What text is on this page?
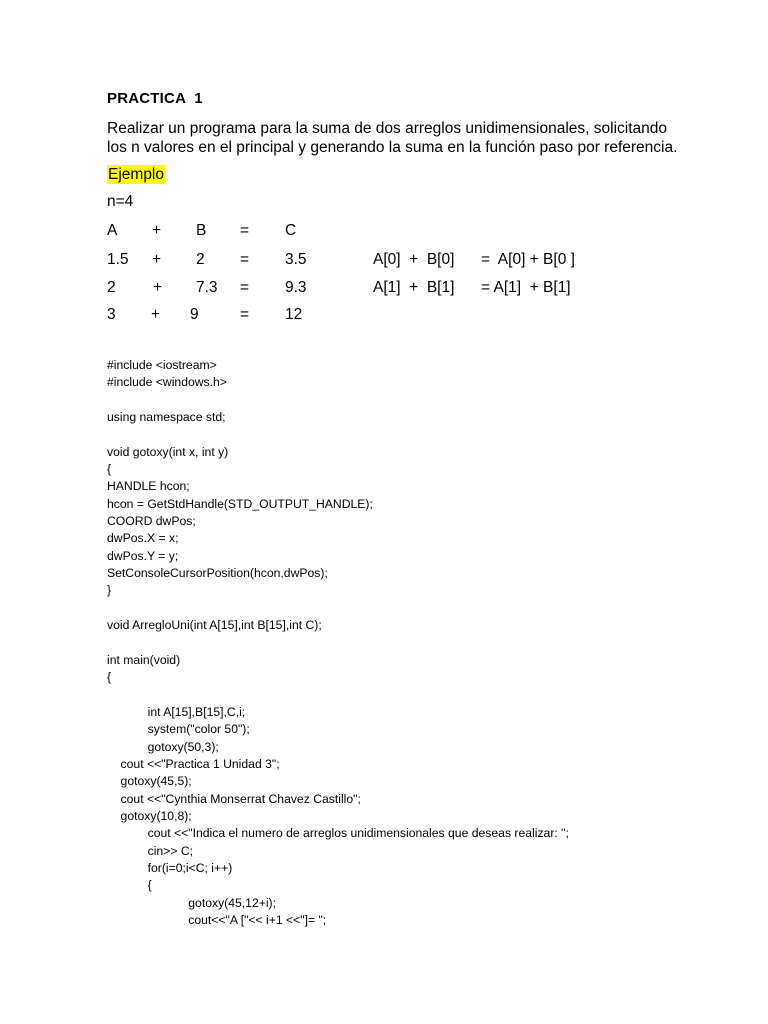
PRACTICA  1
Realizar un programa para la suma de dos arreglos unidimensionales, solicitando
los n valores en el principal y generando la suma en la función paso por referencia.
Ejemplo
n=4
A + B = C
1.5 + 2 = 3.5	A[0]  +  B[0] =  A[0] + B[0 ]
2 + 7.3 = 9.3	A[1]  +  B[1] = A[1]  + B[1]
3 + 9	= 12
#include <iostream>
#include <windows.h>
using namespace std;
void gotoxy(int x, int y)
{
HANDLE hcon;
hcon = GetStdHandle(STD_OUTPUT_HANDLE);
COORD dwPos;
dwPos.X = x;
dwPos.Y = y;
SetConsoleCursorPosition(hcon,dwPos);
}
void ArregloUni(int A[15],int B[15],int C);
int main(void)
{
int A[15],B[15],C,i;
system("color 50");
gotoxy(50,3);
cout <<"Practica 1 Unidad 3";
gotoxy(45,5);
cout <<"Cynthia Monserrat Chavez Castillo";
gotoxy(10,8);
cout <<"Indica el numero de arreglos unidimensionales que deseas realizar: ";
cin>> C;
for(i=0;i<C; i++)
{
gotoxy(45,12+i);
cout<<"A ["<< i+1 <<"]= ";
